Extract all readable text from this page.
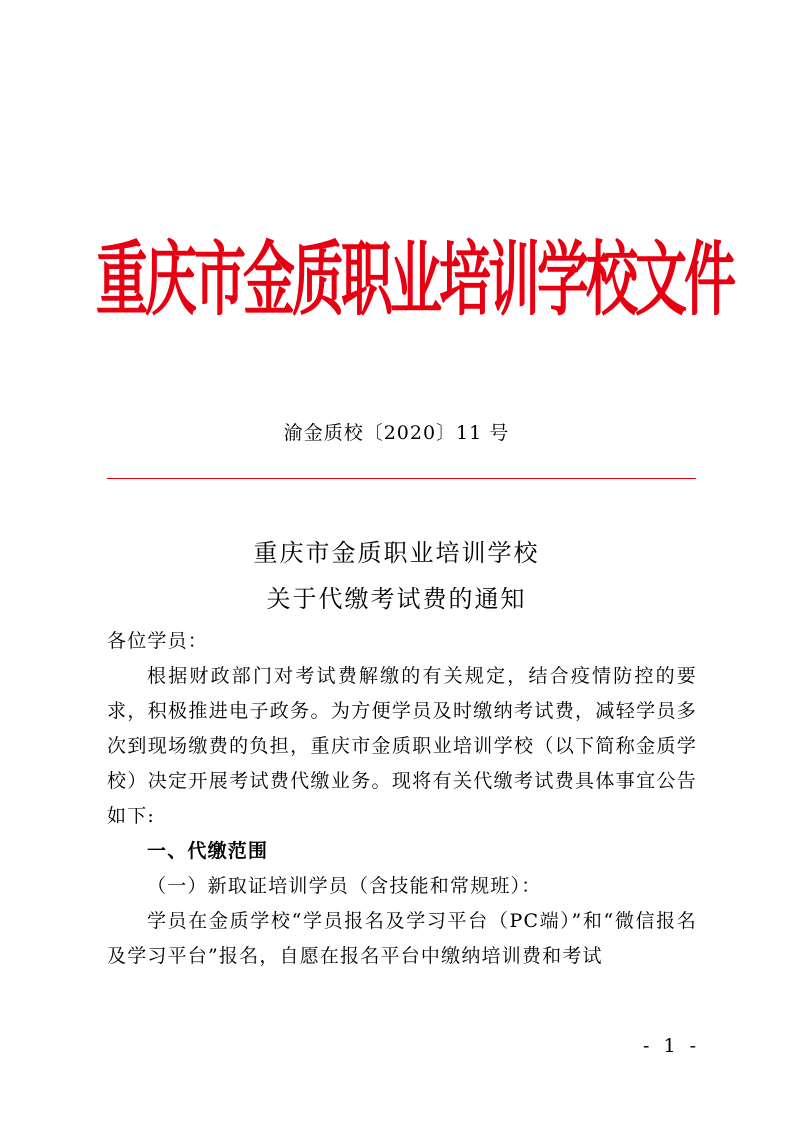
重庆市金质职业培训学校文件
渝金质校〔2020〕11 号
重庆市金质职业培训学校
关于代缴考试费的通知

各位学员：

根据财政部门对考试费解缴的有关规定，结合疫情防控的要求，积极推进电子政务。为方便学员及时缴纳考试费，减轻学员多次到现场缴费的负担，重庆市金质职业培训学校（以下简称金质学校）决定开展考试费代缴业务。现将有关代缴考试费具体事宜公告如下:

一、代缴范围

（一）新取证培训学员（含技能和常规班）：

学员在金质学校“学员报名及学习平台（PC端）”和“微信报名及学习平台”报名，自愿在报名平台中缴纳培训费和考试

- 1 -
